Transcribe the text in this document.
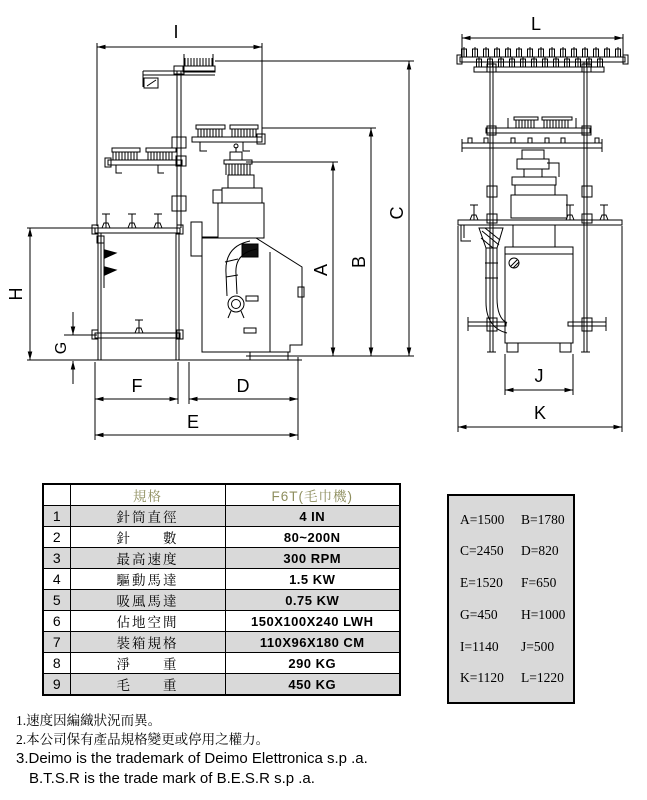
I
C
B
A
H
G
F	D
E
L
J
K
	規格	F6T(毛巾機)
1	針筒直徑	4 IN
2	針　　數	80~200N
3	最高速度	300 RPM
4	驅動馬達	1.5 KW
5	吸風馬達	0.75 KW
6	佔地空間	150X100X240 LWH
7	裝箱規格	110X96X180 CM
8	淨　　重	290 KG
9	毛　　重	450 KG
A=1500	B=1780
C=2450	D=820
E=1520	F=650
G=450	H=1000
I=1140	J=500
K=1120	L=1220
1.速度因編織狀況而異。
2.本公司保有產品規格變更或停用之權力。
3.Deimo is the trademark of Deimo Elettronica s.p .a.
B.T.S.R is the trade mark of B.E.S.R s.p .a.
